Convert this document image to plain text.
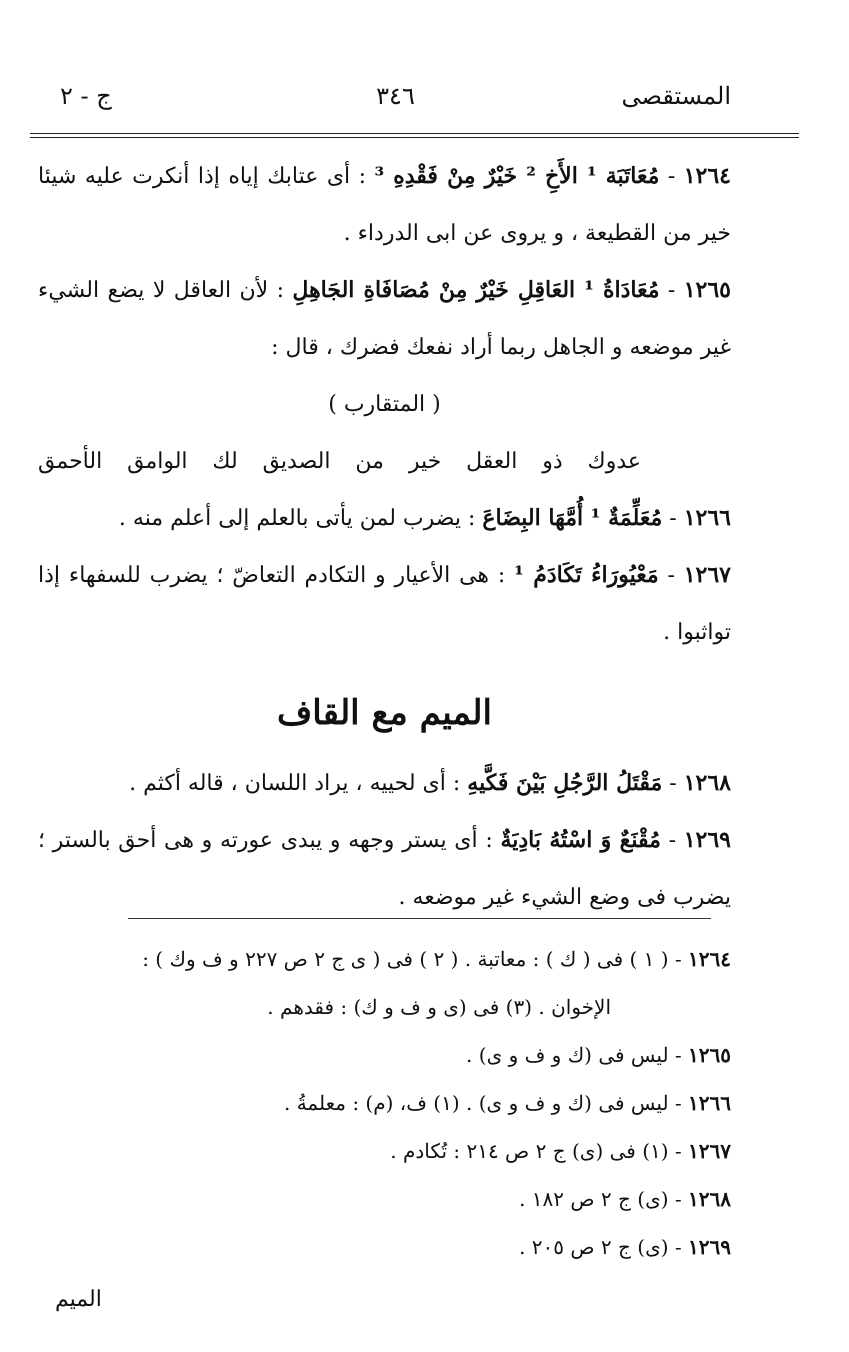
المستقصى
٣٤٦
ج - ٢

١٢٦٤ - مُعَاتَبَة ¹ الأَخِ ² خَيْرٌ مِنْ فَقْدِهِ ³ : أى عتابك إياه إذا أنكرت عليه شيئا خير من القطيعة ، و يروى عن ابى الدرداء .

١٢٦٥ - مُعَادَاةُ ¹ العَاقِلِ خَيْرٌ مِنْ مُصَافَاةِ الجَاهِلِ : لأن العاقل لا يضع الشيء غير موضعه و الجاهل ربما أراد نفعك فضرك ، قال :

( المتقارب )

عدوك ذو العقل خير من الصديق لك الوامق الأحمق

١٢٦٦ - مُعَلِّمَةٌ ¹ أُمَّهَا البِضَاعَ : يضرب لمن يأتى بالعلم إلى أعلم منه .

١٢٦٧ - مَعْيُورَاءُ تَكَادَمُ ¹ : هى الأعيار و التكادم التعاضّ ؛ يضرب للسفهاء إذا تواثبوا .

الميم مع القاف

١٢٦٨ - مَقْتَلُ الرَّجُلِ بَيْنَ فَكَّيهِ : أى لحييه ، يراد اللسان ، قاله أكثم .

١٢٦٩ - مُقْنَعٌ وَ اسْتُهُ بَادِيَةٌ : أى يستر وجهه و يبدى عورته و هى أحق بالستر ؛ يضرب فى وضع الشيء غير موضعه .

١٢٦٤ - ( ١ ) فى ( ك ) : معاتبة . ( ٢ ) فى ( ى ج ٢ ص ٢٢٧ و ف وك ) :

الإخوان . (٣) فى (ى و ف و ك) : فقدهم .

١٢٦٥ - ليس فى (ك و ف و ى) .

١٢٦٦ - ليس فى (ك و ف و ى) . (١) ف، (م) : معلمةُ .

١٢٦٧ - (١) فى (ى) ج ٢ ص ٢١٤ : تُكادم .

١٢٦٨ - (ى) ج ٢ ص ١٨٢ .

١٢٦٩ - (ى) ج ٢ ص ٢٠٥ .

الميم
